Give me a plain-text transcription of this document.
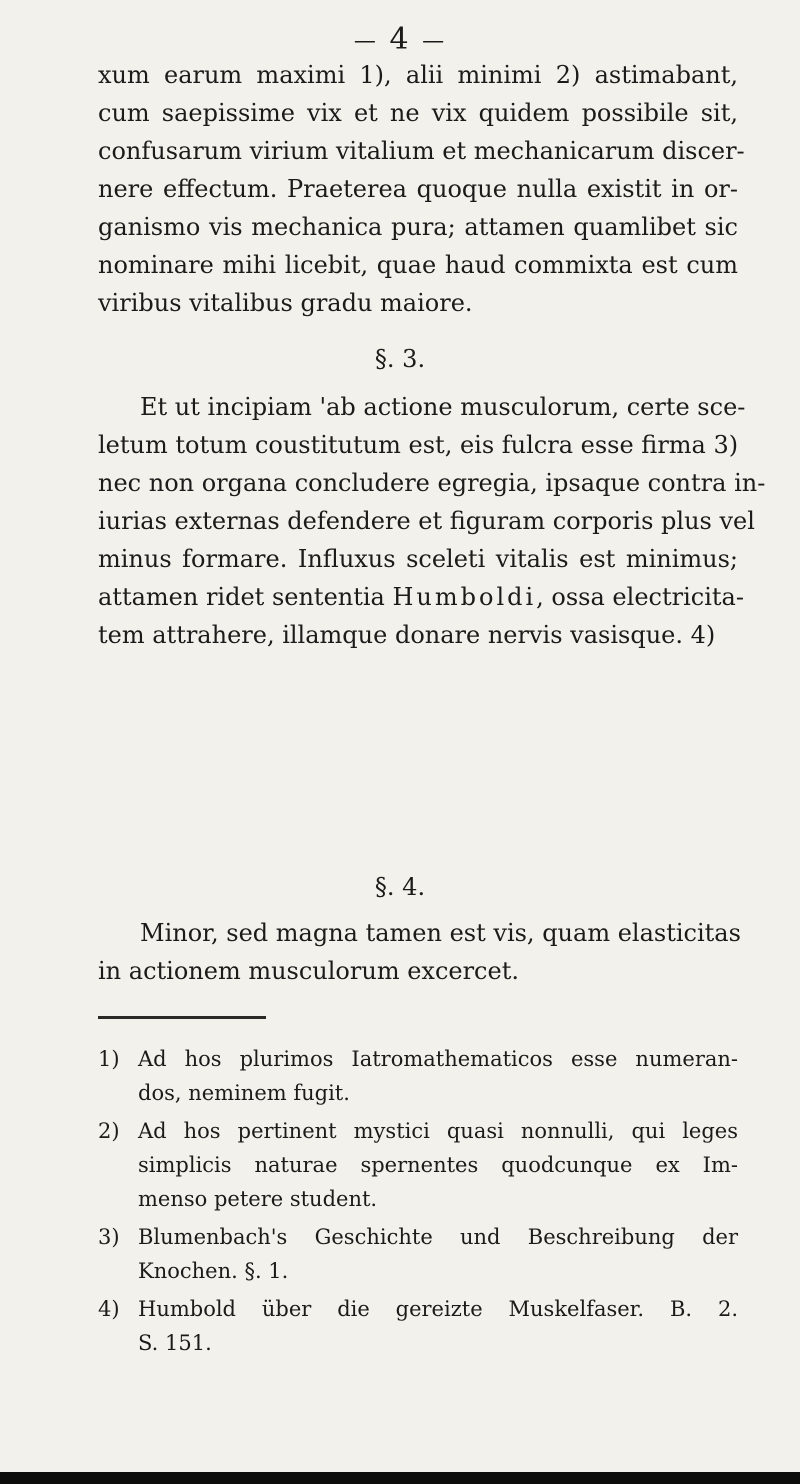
— 4 —
xum earum maximi 1), alii minimi 2) astimabant,
cum saepissime vix et ne vix quidem possibile sit,
confusarum virium vitalium et mechanicarum discer-
nere effectum. Praeterea quoque nulla existit in or-
ganismo vis mechanica pura; attamen quamlibet sic
nominare mihi licebit, quae haud commixta est cum
viribus vitalibus gradu maiore.
§. 3.
Et ut incipiam 'ab actione musculorum, certe sce-
letum totum coustitutum est, eis fulcra esse firma 3)
nec non organa concludere egregia, ipsaque contra in-
iurias externas defendere et figuram corporis plus vel
minus formare. Influxus sceleti vitalis est minimus;
attamen ridet sententia Humboldi, ossa electricita-
tem attrahere, illamque donare nervis vasisque. 4)
§. 4.
Minor, sed magna tamen est vis, quam elasticitas
in actionem musculorum excercet.
1) Ad hos plurimos Iatromathematicos esse numeran-
dos, neminem fugit.
2) Ad hos pertinent mystici quasi nonnulli, qui leges
simplicis naturae spernentes quodcunque ex Im-
menso petere student.
3) Blumenbach's Geschichte und Beschreibung der
Knochen. §. 1.
4) Humbold über die gereizte Muskelfaser. B. 2.
S. 151.
